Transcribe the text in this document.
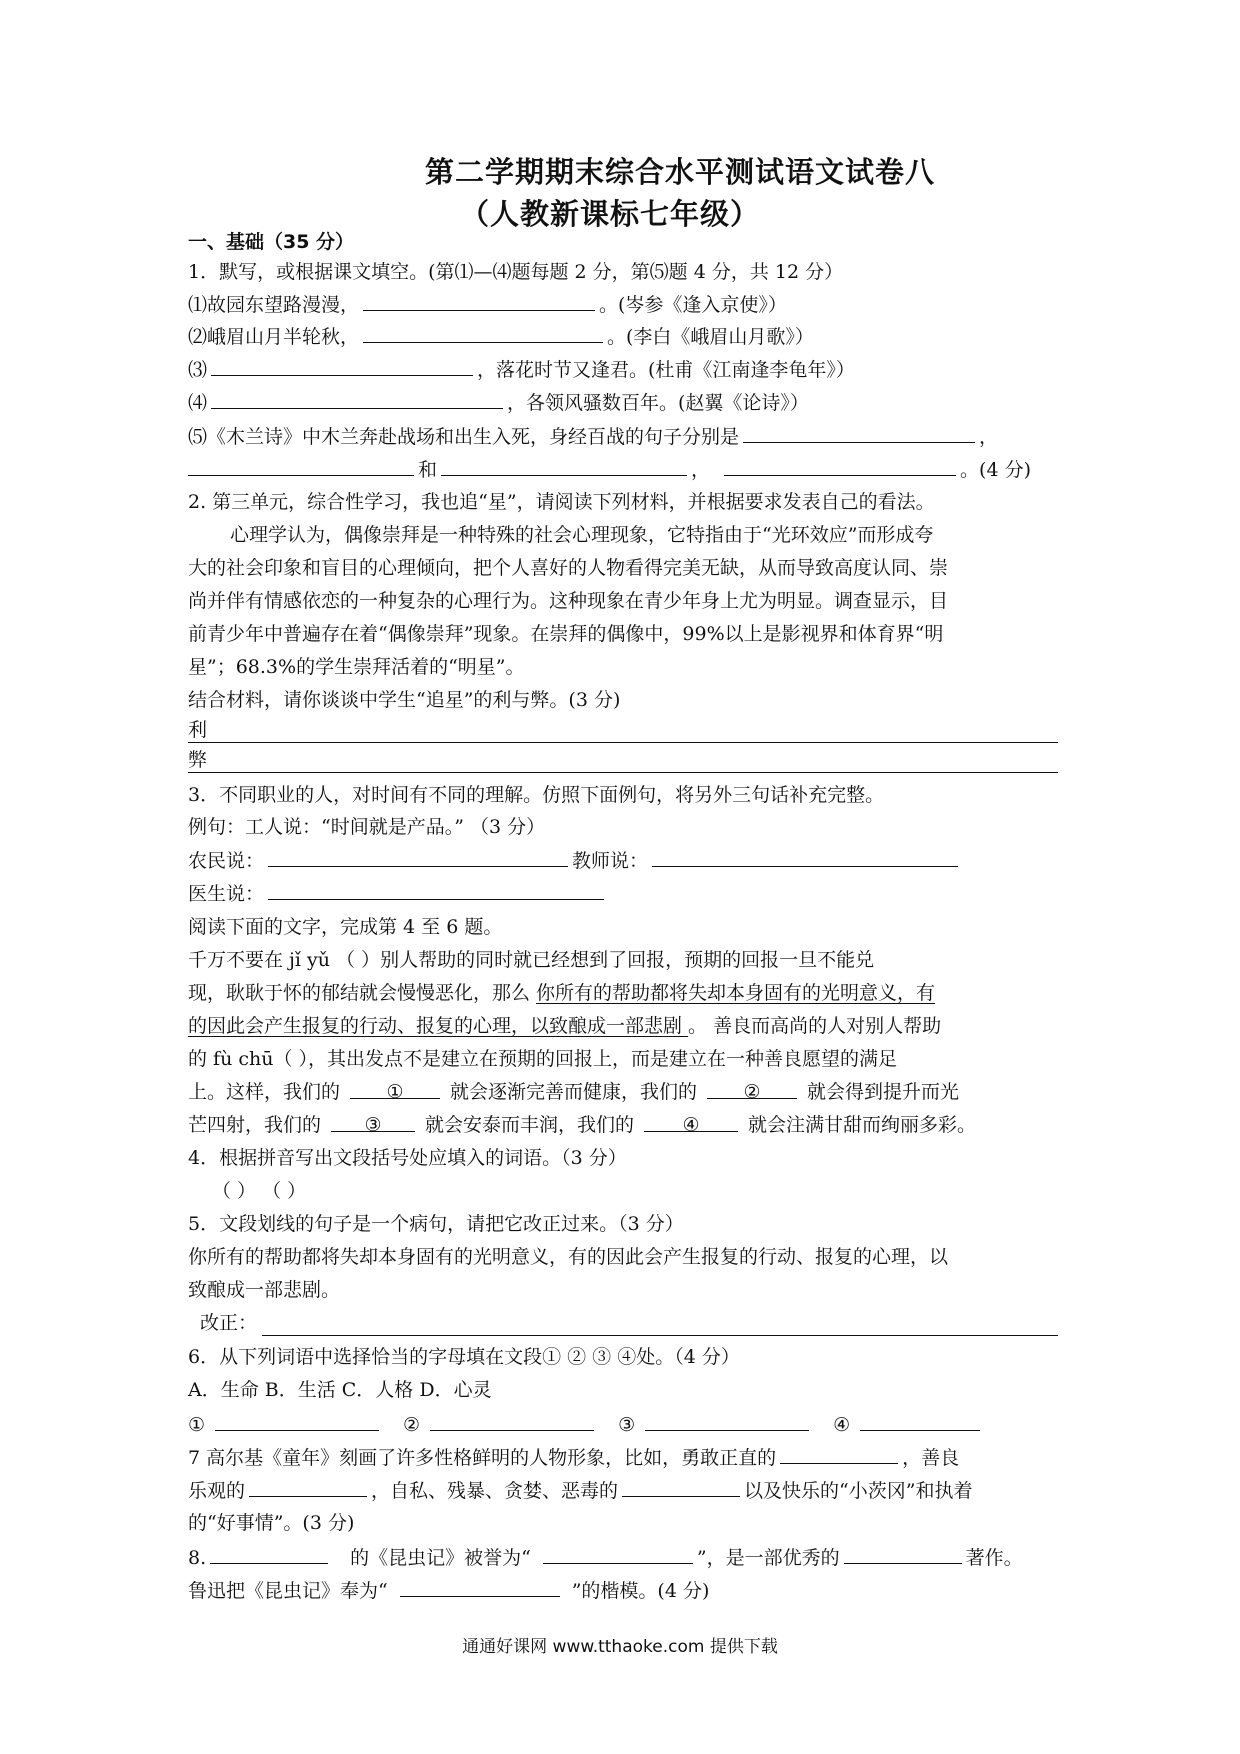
第二学期期末综合水平测试语文试卷八
（人教新课标七年级）
一、基础（35 分）
1．默写，或根据课文填空。(第⑴—⑷题每题 2 分，第⑸题 4 分，共 12 分）
⑴故园东望路漫漫，	。(岑参《逢入京使》）
⑵峨眉山月半轮秋，	。(李白《峨眉山月歌》）
⑶	，落花时节又逢君。(杜甫《江南逢李龟年》）
⑷	，各领风骚数百年。(赵翼《论诗》）
⑸《木兰诗》中木兰奔赴战场和出生入死，身经百战的句子分别是	，
和	，	。(4 分)
2. 第三单元，综合性学习，我也追“星”，请阅读下列材料，并根据要求发表自己的看法。
心理学认为，偶像崇拜是一种特殊的社会心理现象，它特指由于“光环效应”而形成夸
大的社会印象和盲目的心理倾向，把个人喜好的人物看得完美无缺，从而导致高度认同、崇
尚并伴有情感依恋的一种复杂的心理行为。这种现象在青少年身上尤为明显。调查显示，目
前青少年中普遍存在着“偶像崇拜”现象。在崇拜的偶像中，99%以上是影视界和体育界“明
星”；68.3%的学生崇拜活着的“明星”。
结合材料，请你谈谈中学生“追星”的利与弊。(3 分)
利
弊
3．不同职业的人，对时间有不同的理解。仿照下面例句，将另外三句话补充完整。
例句：工人说：“时间就是产品。” （3 分）
农民说：	教师说：
医生说：
阅读下面的文字，完成第 4 至 6 题。
千万不要在 jǐ yǔ （ ）别人帮助的同时就已经想到了回报，预期的回报一旦不能兑
现，耿耿于怀的郁结就会慢慢恶化，那么 你所有的帮助都将失却本身固有的光明意义，有
的因此会产生报复的行动、报复的心理，以致酿成一部悲剧 。 善良而高尚的人对别人帮助
的 fù chū（ ），其出发点不是建立在预期的回报上，而是建立在一种善良愿望的满足
上。这样，我们的 ① 就会逐渐完善而健康，我们的 ② 就会得到提升而光
芒四射，我们的 ③ 就会安泰而丰润，我们的	④	就会注满甘甜而绚丽多彩。
4．根据拼音写出文段括号处应填入的词语。（3 分）
（ ） （ ）
5．文段划线的句子是一个病句，请把它改正过来。（3 分）
你所有的帮助都将失却本身固有的光明意义，有的因此会产生报复的行动、报复的心理，以
致酿成一部悲剧。
改正：
6．从下列词语中选择恰当的字母填在文段① ② ③ ④处。（4 分）
A．生命 B．生活 C．人格 D．心灵
①	②	③	④
7 高尔基《童年》刻画了许多性格鲜明的人物形象，比如，勇敢正直的	，善良
乐观的	，自私、残暴、贪婪、恶毒的	以及快乐的“小茨冈”和执着
的“好事情”。(3 分)
8.	的《昆虫记》被誉为“	”，是一部优秀的	著作。
鲁迅把《昆虫记》奉为“	”的楷模。(4 分)
通通好课网 www.tthaoke.com 提供下载
